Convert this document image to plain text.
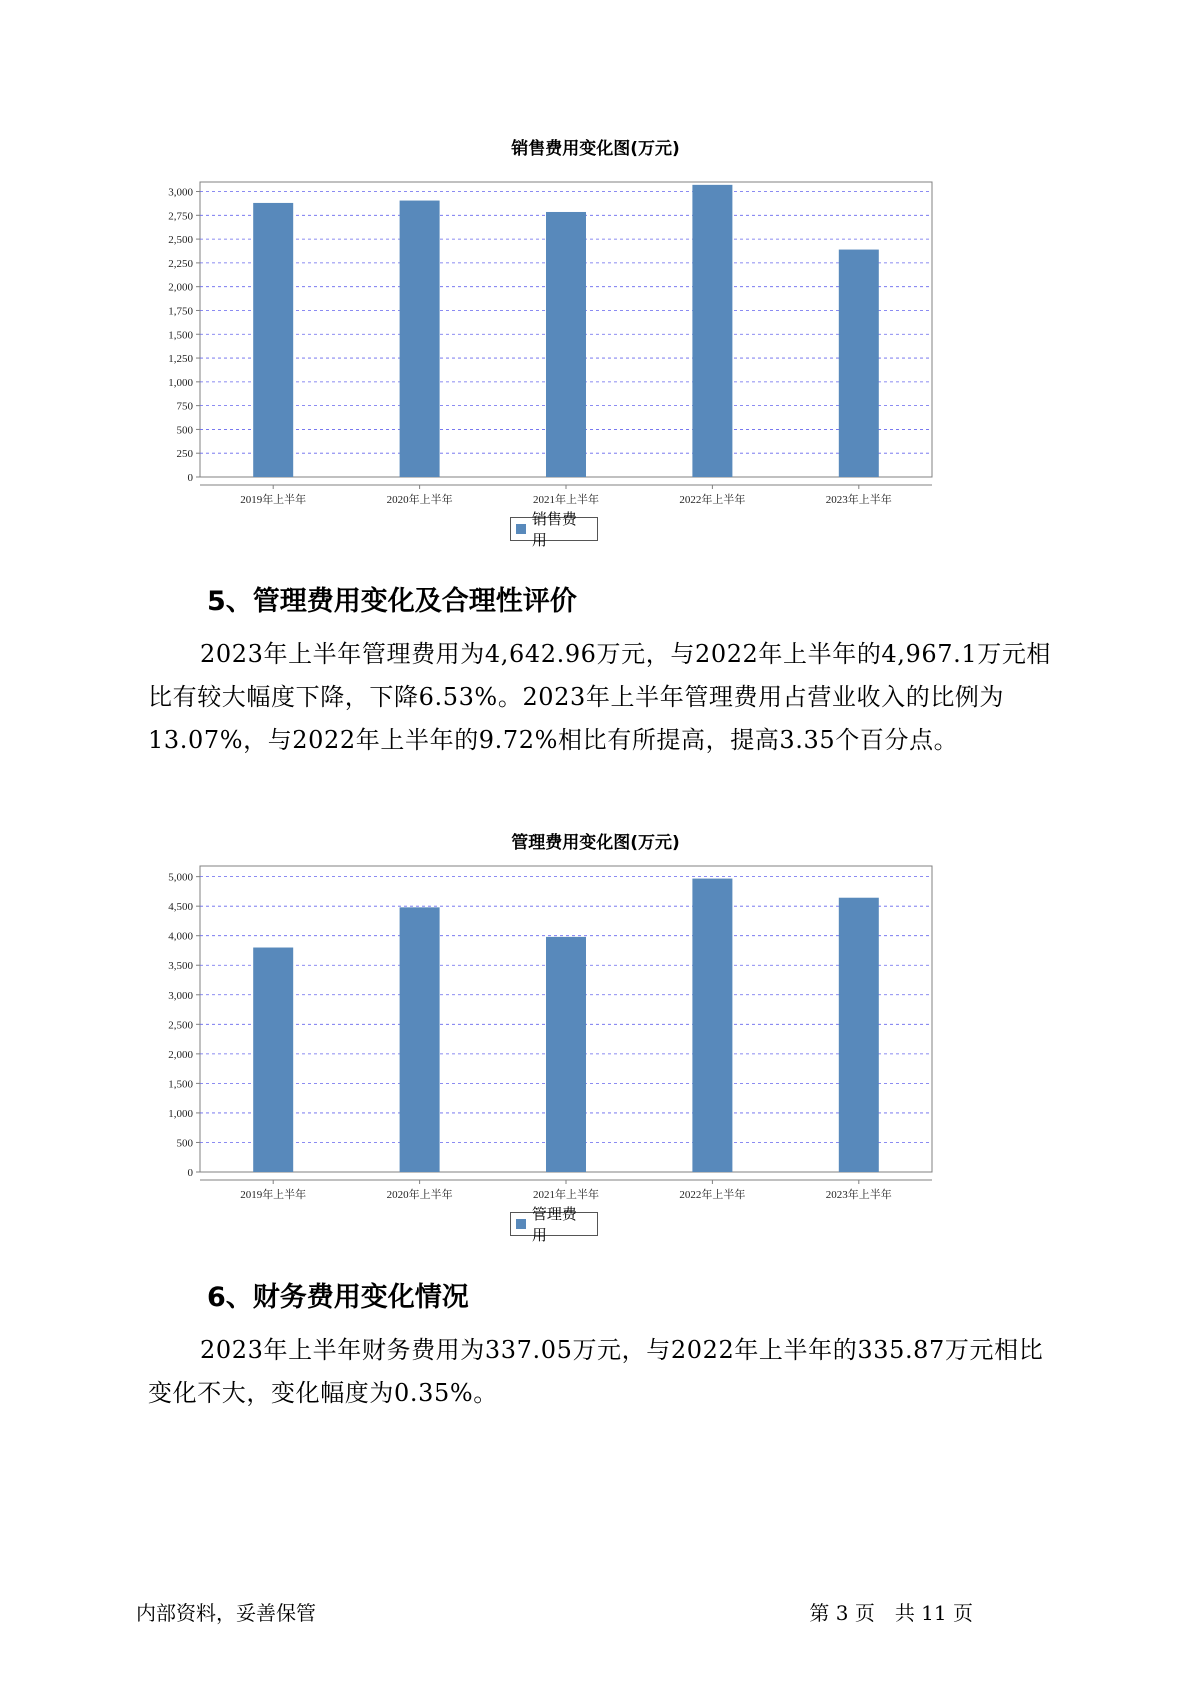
销售费用变化图(万元)
0
250
500
750
1,000
1,250
1,500
1,750
2,000
2,250
2,500
2,750
3,000
2019年上半年	2020年上半年	2021年上半年	2022年上半年	2023年上半年
销售费用
5、管理费用变化及合理性评价

2023年上半年管理费用为4,642.96万元，与2022年上半年的4,967.1万元相比有较大幅度下降，下降6.53%。2023年上半年管理费用占营业收入的比例为13.07%，与2022年上半年的9.72%相比有所提高，提高3.35个百分点。

管理费用变化图(万元)
0
500
1,000
1,500
2,000
2,500
3,000
3,500
4,000
4,500
5,000
2019年上半年	2020年上半年	2021年上半年	2022年上半年	2023年上半年
管理费用
6、财务费用变化情况

2023年上半年财务费用为337.05万元，与2022年上半年的335.87万元相比变化不大，变化幅度为0.35%。

内部资料，妥善保管	第 3 页　共 11 页
